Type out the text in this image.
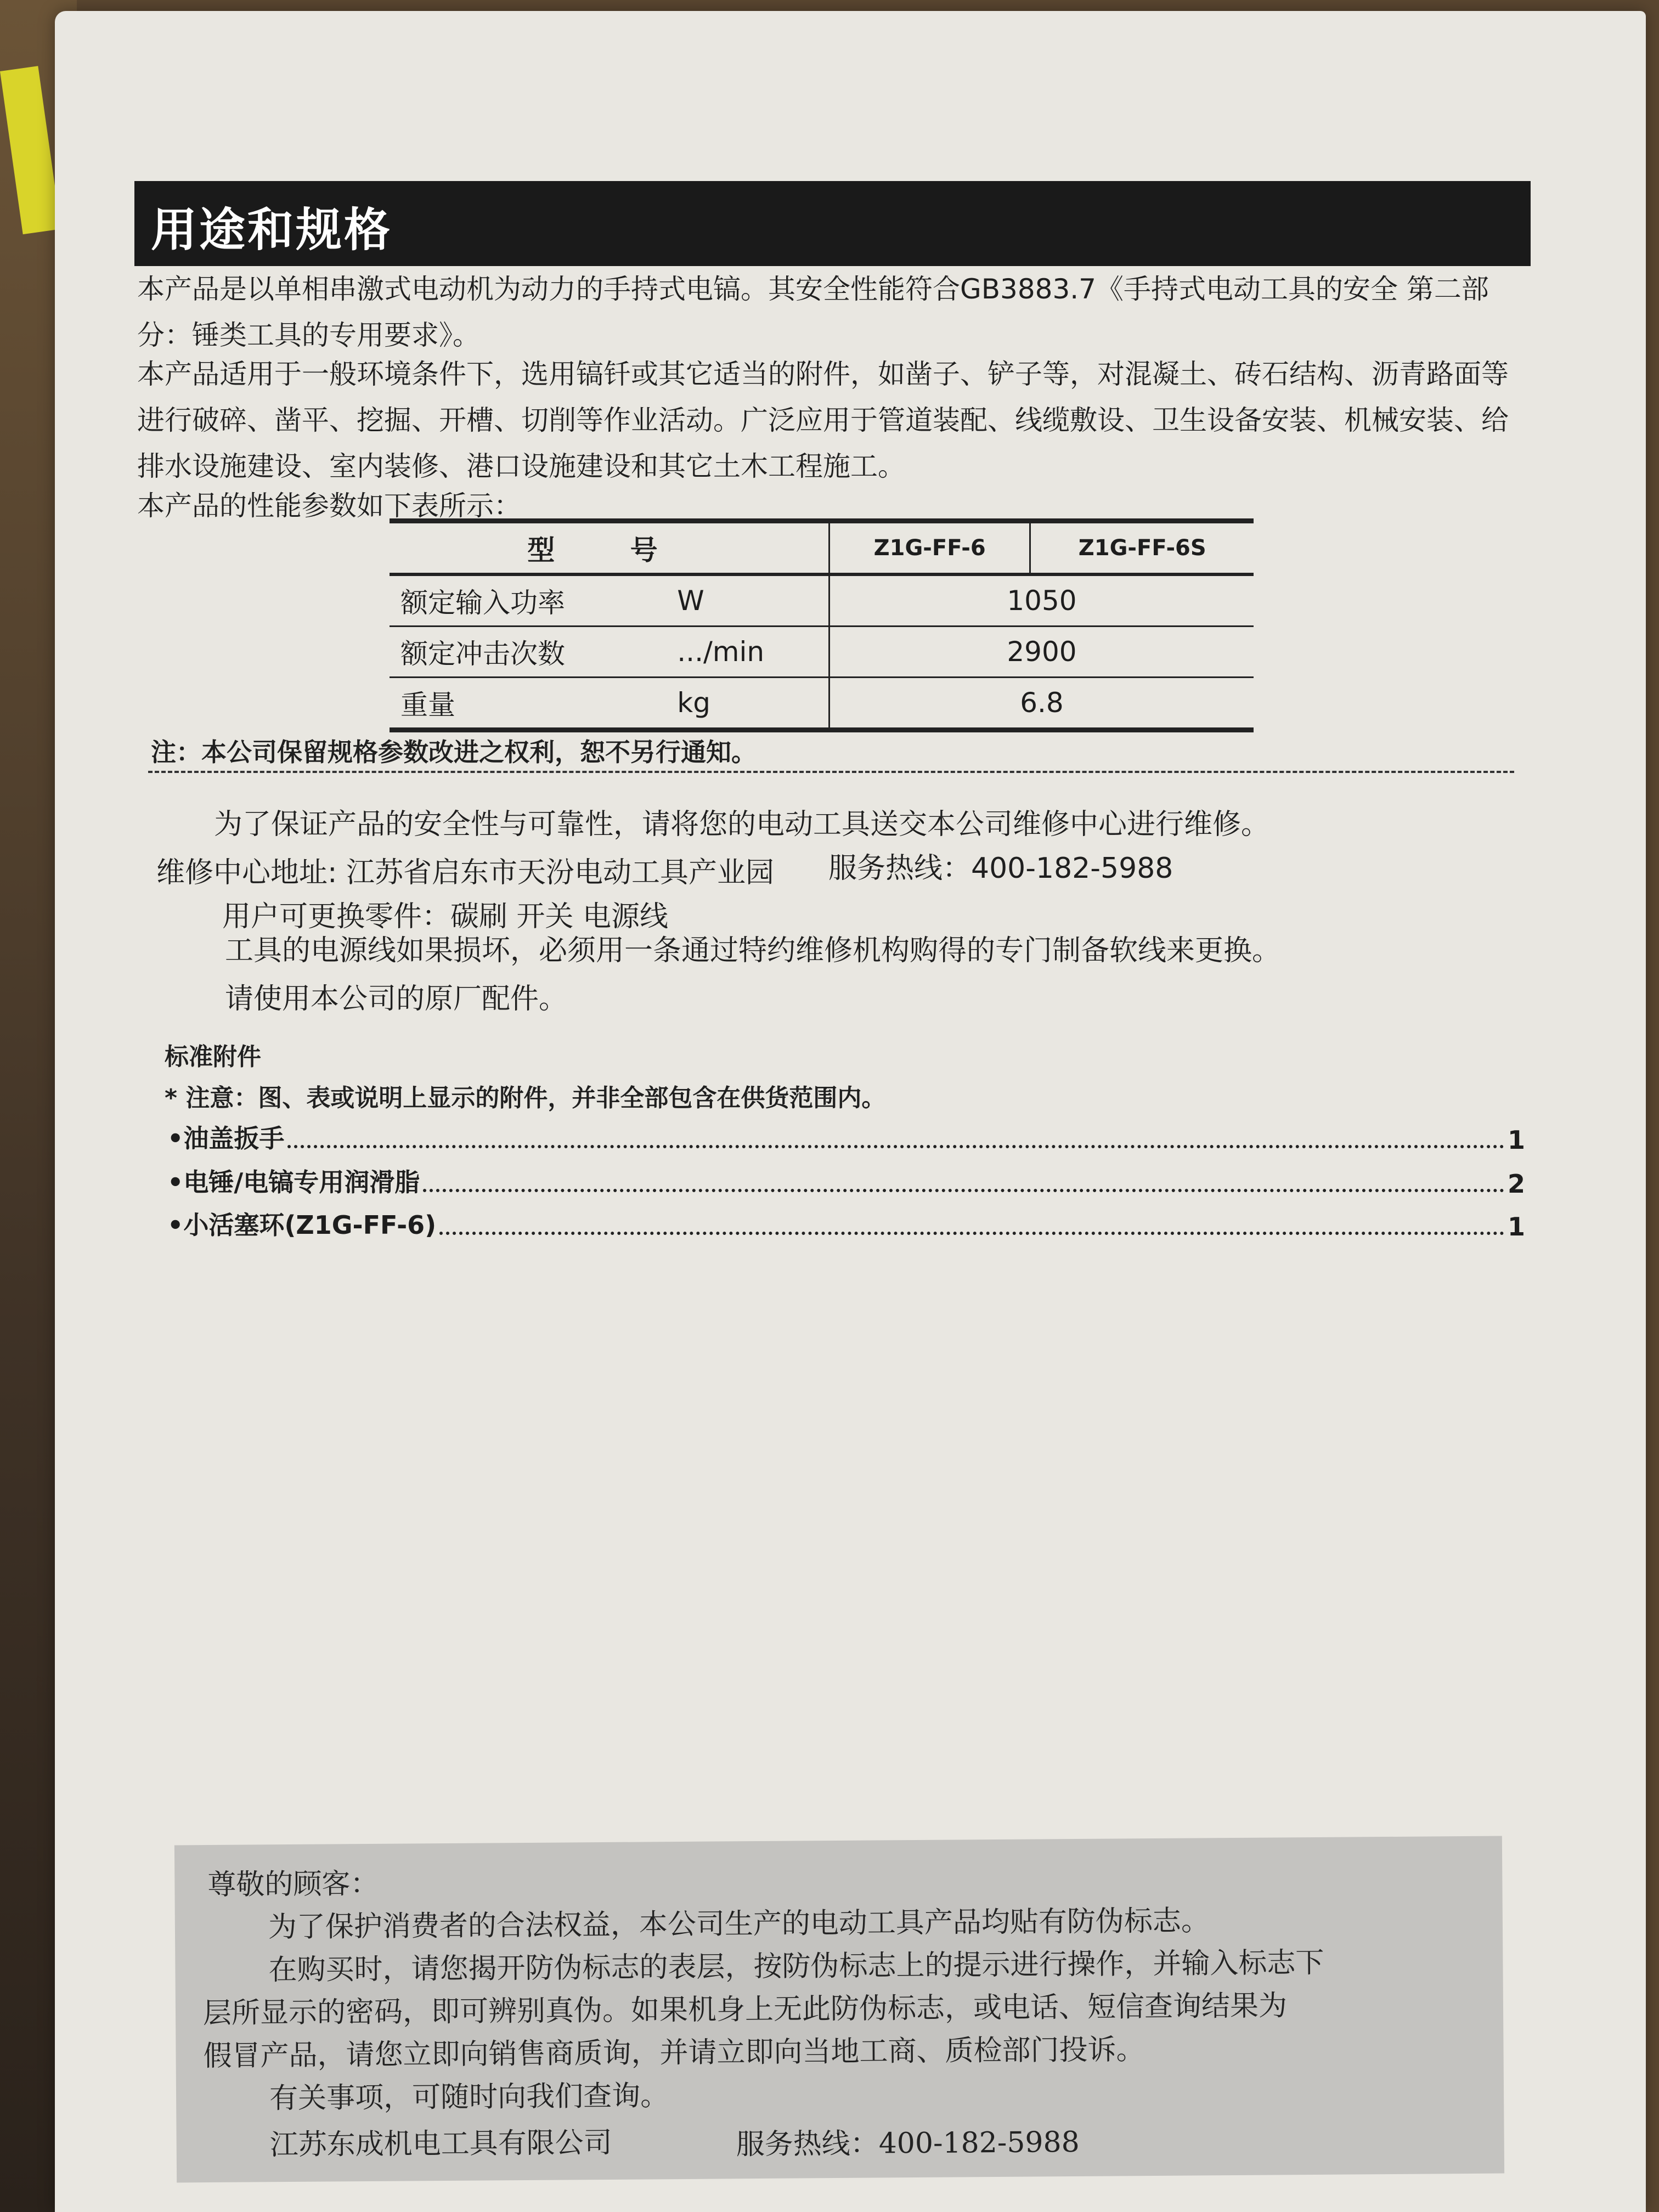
用途和规格
本产品是以单相串激式电动机为动力的手持式电镐。其安全性能符合GB3883.7《手持式电动工具的安全 第二部分：锤类工具的专用要求》。
本产品适用于一般环境条件下，选用镐钎或其它适当的附件，如凿子、铲子等，对混凝土、砖石结构、沥青路面等进行破碎、凿平、挖掘、开槽、切削等作业活动。广泛应用于管道装配、线缆敷设、卫生设备安装、机械安装、给排水设施建设、室内装修、港口设施建设和其它土木工程施工。
本产品的性能参数如下表所示：
型 号		Z1G-FF-6	Z1G-FF-6S
额定输入功率	W	1050	
额定冲击次数	.../min	2900	
重量	kg	6.8	
注：本公司保留规格参数改进之权利，恕不另行通知。
为了保证产品的安全性与可靠性，请将您的电动工具送交本公司维修中心进行维修。
维修中心地址: 江苏省启东市天汾电动工具产业园 服务热线：400-182-5988
用户可更换零件：碳刷 开关 电源线
工具的电源线如果损坏，必须用一条通过特约维修机构购得的专门制备软线来更换。
请使用本公司的原厂配件。
标准附件
* 注意：图、表或说明上显示的附件，并非全部包含在供货范围内。
•油盖扳手	1
•电锤/电镐专用润滑脂	2
•小活塞环(Z1G-FF-6)	1
尊敬的顾客：
为了保护消费者的合法权益，本公司生产的电动工具产品均贴有防伪标志。
在购买时，请您揭开防伪标志的表层，按防伪标志上的提示进行操作，并输入标志下
层所显示的密码，即可辨别真伪。如果机身上无此防伪标志，或电话、短信查询结果为
假冒产品，请您立即向销售商质询，并请立即向当地工商、质检部门投诉。
有关事项，可随时向我们查询。
江苏东成机电工具有限公司	服务热线：400-182-5988
